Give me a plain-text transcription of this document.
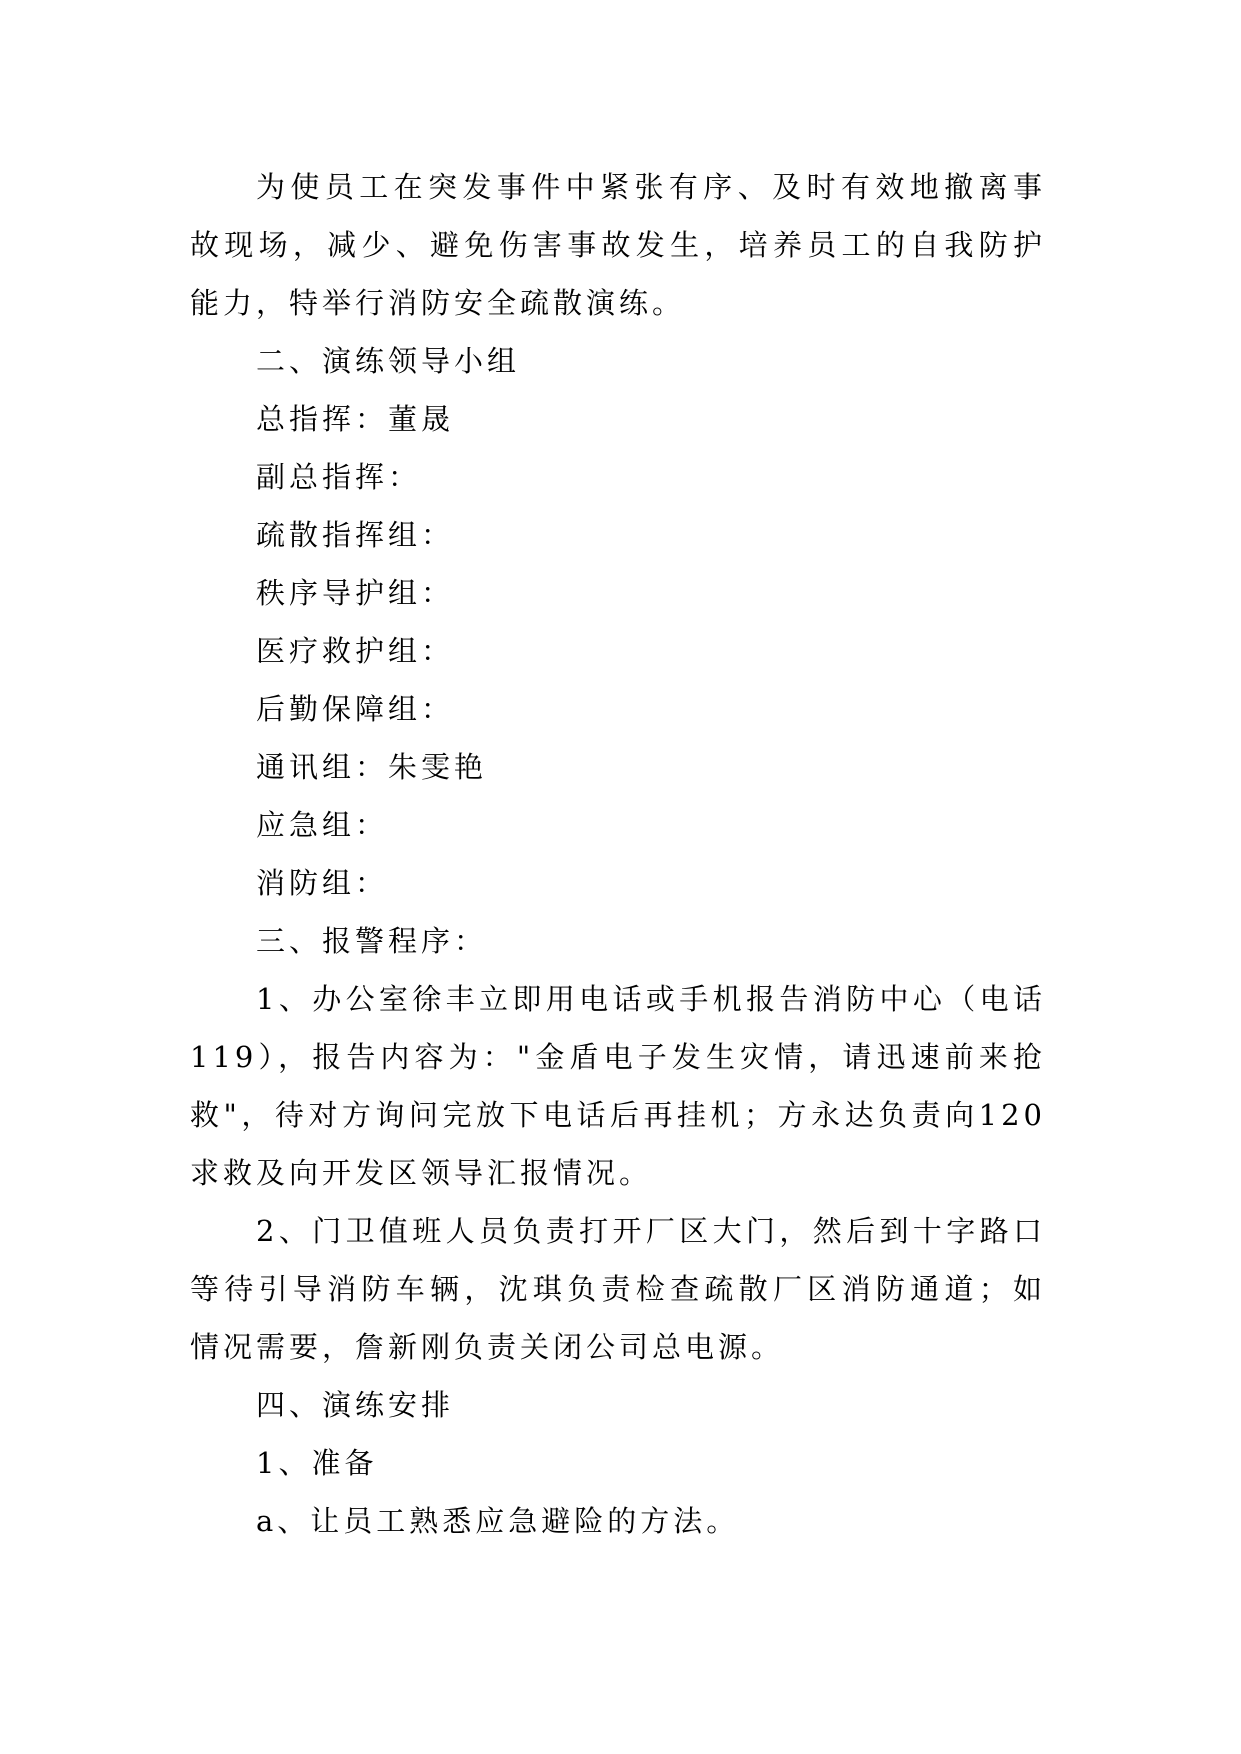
为使员工在突发事件中紧张有序、及时有效地撤离事故现场，减少、避免伤害事故发生，培养员工的自我防护能力，特举行消防安全疏散演练。

二、演练领导小组

总指挥：董晟

副总指挥：

疏散指挥组：

秩序导护组：

医疗救护组：

后勤保障组：

通讯组：朱雯艳

应急组：

消防组：

三、报警程序：

1、办公室徐丰立即用电话或手机报告消防中心（电话119），报告内容为："金盾电子发生灾情，请迅速前来抢救"，待对方询问完放下电话后再挂机；方永达负责向120求救及向开发区领导汇报情况。

2、门卫值班人员负责打开厂区大门，然后到十字路口等待引导消防车辆，沈琪负责检查疏散厂区消防通道；如情况需要，詹新刚负责关闭公司总电源。

四、演练安排

1、准备

a、让员工熟悉应急避险的方法。
